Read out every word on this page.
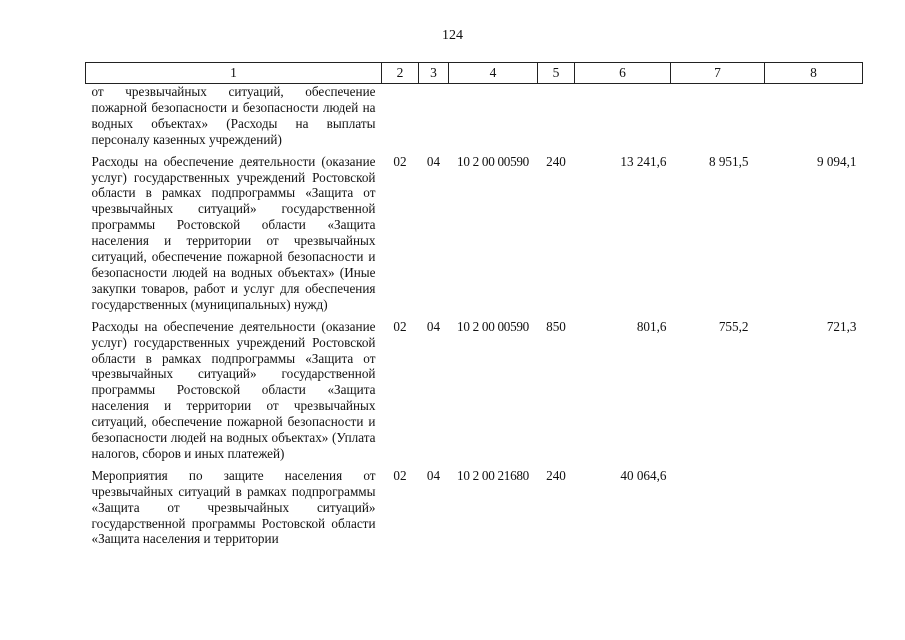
124
1	2	3	4	5	6	7	8
от чрезвычайных ситуаций, обеспечение пожарной безопасности и безопасности людей на водных объектах» (Расходы на выплаты персоналу казенных учреждений)							
Расходы на обеспечение деятельности (оказание услуг) государственных учреждений Ростовской области в рамках подпрограммы «Защита от чрезвычайных ситуаций» государственной программы Ростовской области «Защита населения и территории от чрезвычайных ситуаций, обеспечение пожарной безопасности и безопасности людей на водных объектах» (Иные закупки товаров, работ и услуг для обеспечения государственных (муниципальных) нужд)	02	04	10 2 00 00590	240	13 241,6	8 951,5	9 094,1
Расходы на обеспечение деятельности (оказание услуг) государственных учреждений Ростовской области в рамках подпрограммы «Защита от чрезвычайных ситуаций» государственной программы Ростовской области «Защита населения и территории от чрезвычайных ситуаций, обеспечение пожарной безопасности и безопасности людей на водных объектах» (Уплата налогов, сборов и иных платежей)	02	04	10 2 00 00590	850	801,6	755,2	721,3
Мероприятия по защите населения от чрезвычайных ситуаций в рамках подпрограммы «Защита от чрезвычайных ситуаций» государственной программы Ростовской области «Защита населения и территории	02	04	10 2 00 21680	240	40 064,6		
